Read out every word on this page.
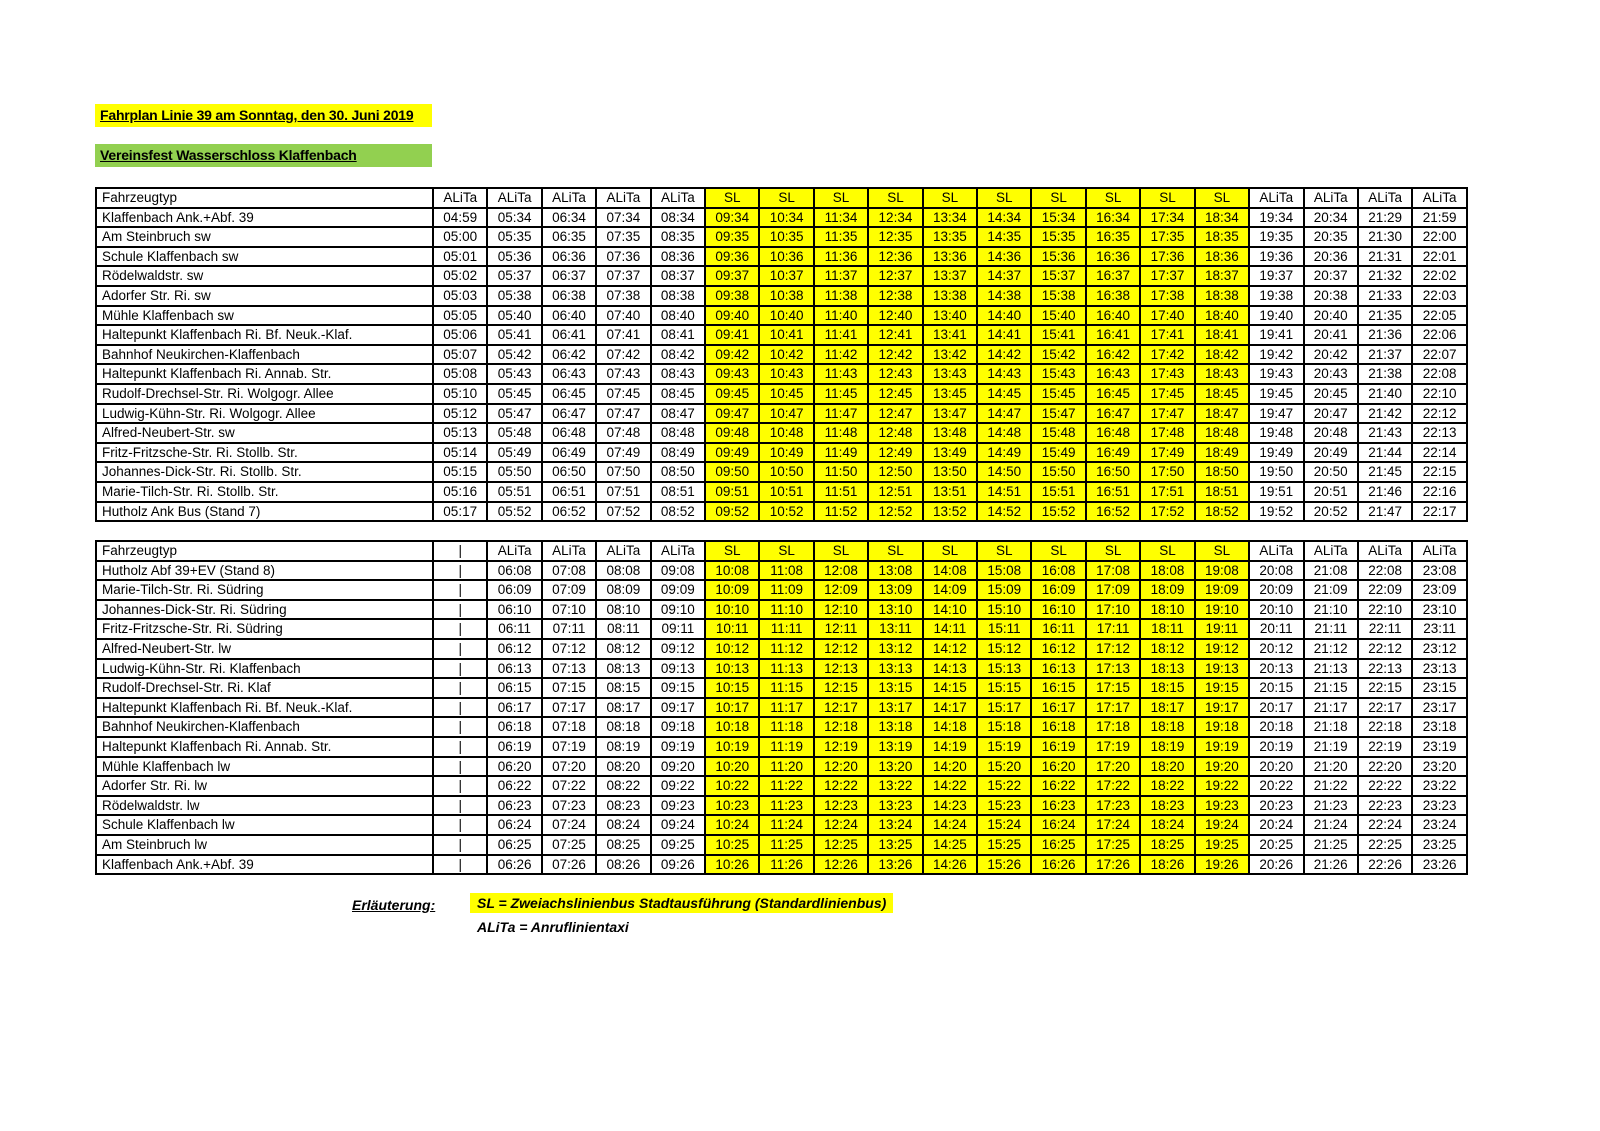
Fahrplan Linie 39 am Sonntag, den 30. Juni 2019
Vereinsfest Wasserschloss Klaffenbach
Fahrzeugtyp	ALiTa	ALiTa	ALiTa	ALiTa	ALiTa	SL	SL	SL	SL	SL	SL	SL	SL	SL	SL	ALiTa	ALiTa	ALiTa	ALiTa
Klaffenbach Ank.+Abf. 39	04:59	05:34	06:34	07:34	08:34	09:34	10:34	11:34	12:34	13:34	14:34	15:34	16:34	17:34	18:34	19:34	20:34	21:29	21:59
Am Steinbruch sw	05:00	05:35	06:35	07:35	08:35	09:35	10:35	11:35	12:35	13:35	14:35	15:35	16:35	17:35	18:35	19:35	20:35	21:30	22:00
Schule Klaffenbach sw	05:01	05:36	06:36	07:36	08:36	09:36	10:36	11:36	12:36	13:36	14:36	15:36	16:36	17:36	18:36	19:36	20:36	21:31	22:01
Rödelwaldstr. sw	05:02	05:37	06:37	07:37	08:37	09:37	10:37	11:37	12:37	13:37	14:37	15:37	16:37	17:37	18:37	19:37	20:37	21:32	22:02
Adorfer Str. Ri. sw	05:03	05:38	06:38	07:38	08:38	09:38	10:38	11:38	12:38	13:38	14:38	15:38	16:38	17:38	18:38	19:38	20:38	21:33	22:03
Mühle Klaffenbach sw	05:05	05:40	06:40	07:40	08:40	09:40	10:40	11:40	12:40	13:40	14:40	15:40	16:40	17:40	18:40	19:40	20:40	21:35	22:05
Haltepunkt Klaffenbach Ri. Bf. Neuk.-Klaf.	05:06	05:41	06:41	07:41	08:41	09:41	10:41	11:41	12:41	13:41	14:41	15:41	16:41	17:41	18:41	19:41	20:41	21:36	22:06
Bahnhof Neukirchen-Klaffenbach	05:07	05:42	06:42	07:42	08:42	09:42	10:42	11:42	12:42	13:42	14:42	15:42	16:42	17:42	18:42	19:42	20:42	21:37	22:07
Haltepunkt Klaffenbach Ri. Annab. Str.	05:08	05:43	06:43	07:43	08:43	09:43	10:43	11:43	12:43	13:43	14:43	15:43	16:43	17:43	18:43	19:43	20:43	21:38	22:08
Rudolf-Drechsel-Str. Ri. Wolgogr. Allee	05:10	05:45	06:45	07:45	08:45	09:45	10:45	11:45	12:45	13:45	14:45	15:45	16:45	17:45	18:45	19:45	20:45	21:40	22:10
Ludwig-Kühn-Str. Ri. Wolgogr. Allee	05:12	05:47	06:47	07:47	08:47	09:47	10:47	11:47	12:47	13:47	14:47	15:47	16:47	17:47	18:47	19:47	20:47	21:42	22:12
Alfred-Neubert-Str. sw	05:13	05:48	06:48	07:48	08:48	09:48	10:48	11:48	12:48	13:48	14:48	15:48	16:48	17:48	18:48	19:48	20:48	21:43	22:13
Fritz-Fritzsche-Str. Ri. Stollb. Str.	05:14	05:49	06:49	07:49	08:49	09:49	10:49	11:49	12:49	13:49	14:49	15:49	16:49	17:49	18:49	19:49	20:49	21:44	22:14
Johannes-Dick-Str. Ri. Stollb. Str.	05:15	05:50	06:50	07:50	08:50	09:50	10:50	11:50	12:50	13:50	14:50	15:50	16:50	17:50	18:50	19:50	20:50	21:45	22:15
Marie-Tilch-Str. Ri. Stollb. Str.	05:16	05:51	06:51	07:51	08:51	09:51	10:51	11:51	12:51	13:51	14:51	15:51	16:51	17:51	18:51	19:51	20:51	21:46	22:16
Hutholz Ank Bus (Stand 7)	05:17	05:52	06:52	07:52	08:52	09:52	10:52	11:52	12:52	13:52	14:52	15:52	16:52	17:52	18:52	19:52	20:52	21:47	22:17
Fahrzeugtyp	|	ALiTa	ALiTa	ALiTa	ALiTa	SL	SL	SL	SL	SL	SL	SL	SL	SL	SL	ALiTa	ALiTa	ALiTa	ALiTa
Hutholz Abf 39+EV (Stand 8)	|	06:08	07:08	08:08	09:08	10:08	11:08	12:08	13:08	14:08	15:08	16:08	17:08	18:08	19:08	20:08	21:08	22:08	23:08
Marie-Tilch-Str. Ri. Südring	|	06:09	07:09	08:09	09:09	10:09	11:09	12:09	13:09	14:09	15:09	16:09	17:09	18:09	19:09	20:09	21:09	22:09	23:09
Johannes-Dick-Str. Ri. Südring	|	06:10	07:10	08:10	09:10	10:10	11:10	12:10	13:10	14:10	15:10	16:10	17:10	18:10	19:10	20:10	21:10	22:10	23:10
Fritz-Fritzsche-Str. Ri. Südring	|	06:11	07:11	08:11	09:11	10:11	11:11	12:11	13:11	14:11	15:11	16:11	17:11	18:11	19:11	20:11	21:11	22:11	23:11
Alfred-Neubert-Str. lw	|	06:12	07:12	08:12	09:12	10:12	11:12	12:12	13:12	14:12	15:12	16:12	17:12	18:12	19:12	20:12	21:12	22:12	23:12
Ludwig-Kühn-Str. Ri. Klaffenbach	|	06:13	07:13	08:13	09:13	10:13	11:13	12:13	13:13	14:13	15:13	16:13	17:13	18:13	19:13	20:13	21:13	22:13	23:13
Rudolf-Drechsel-Str. Ri. Klaf	|	06:15	07:15	08:15	09:15	10:15	11:15	12:15	13:15	14:15	15:15	16:15	17:15	18:15	19:15	20:15	21:15	22:15	23:15
Haltepunkt Klaffenbach Ri. Bf. Neuk.-Klaf.	|	06:17	07:17	08:17	09:17	10:17	11:17	12:17	13:17	14:17	15:17	16:17	17:17	18:17	19:17	20:17	21:17	22:17	23:17
Bahnhof Neukirchen-Klaffenbach	|	06:18	07:18	08:18	09:18	10:18	11:18	12:18	13:18	14:18	15:18	16:18	17:18	18:18	19:18	20:18	21:18	22:18	23:18
Haltepunkt Klaffenbach Ri. Annab. Str.	|	06:19	07:19	08:19	09:19	10:19	11:19	12:19	13:19	14:19	15:19	16:19	17:19	18:19	19:19	20:19	21:19	22:19	23:19
Mühle Klaffenbach lw	|	06:20	07:20	08:20	09:20	10:20	11:20	12:20	13:20	14:20	15:20	16:20	17:20	18:20	19:20	20:20	21:20	22:20	23:20
Adorfer Str. Ri. lw	|	06:22	07:22	08:22	09:22	10:22	11:22	12:22	13:22	14:22	15:22	16:22	17:22	18:22	19:22	20:22	21:22	22:22	23:22
Rödelwaldstr. lw	|	06:23	07:23	08:23	09:23	10:23	11:23	12:23	13:23	14:23	15:23	16:23	17:23	18:23	19:23	20:23	21:23	22:23	23:23
Schule Klaffenbach lw	|	06:24	07:24	08:24	09:24	10:24	11:24	12:24	13:24	14:24	15:24	16:24	17:24	18:24	19:24	20:24	21:24	22:24	23:24
Am Steinbruch lw	|	06:25	07:25	08:25	09:25	10:25	11:25	12:25	13:25	14:25	15:25	16:25	17:25	18:25	19:25	20:25	21:25	22:25	23:25
Klaffenbach Ank.+Abf. 39	|	06:26	07:26	08:26	09:26	10:26	11:26	12:26	13:26	14:26	15:26	16:26	17:26	18:26	19:26	20:26	21:26	22:26	23:26
Erläuterung:	SL = Zweiachslinienbus Stadtausführung (Standardlinienbus)
ALiTa = Anruflinientaxi
